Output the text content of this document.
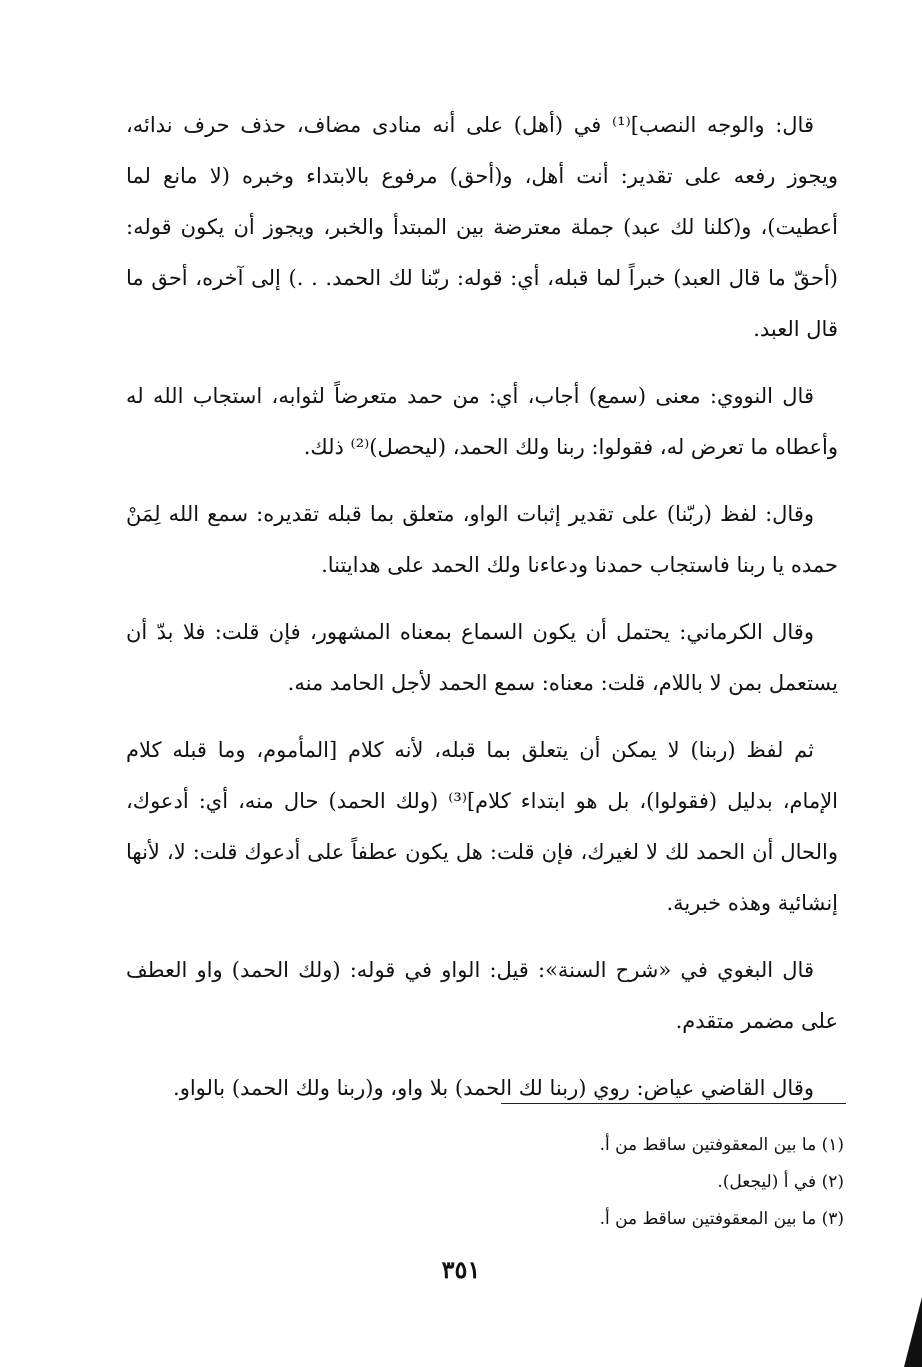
قال: والوجه النصب]⁽¹⁾ في (أهل) على أنه منادى مضاف، حذف حرف ندائه، ويجوز رفعه على تقدير: أنت أهل، و(أحق) مرفوع بالابتداء وخبره (لا مانع لما أعطيت)، و(كلنا لك عبد) جملة معترضة بين المبتدأ والخبر، ويجوز أن يكون قوله: (أحقّ ما قال العبد) خبراً لما قبله، أي: قوله: ربّنا لك الحمد. . .) إلى آخره، أحق ما قال العبد.

قال النووي: معنى (سمع) أجاب، أي: من حمد متعرضاً لثوابه، استجاب الله له وأعطاه ما تعرض له، فقولوا: ربنا ولك الحمد، (ليحصل)⁽²⁾ ذلك.

وقال: لفظ (ربّنا) على تقدير إثبات الواو، متعلق بما قبله تقديره: سمع الله لِمَنْ حمده يا ربنا فاستجاب حمدنا ودعاءنا ولك الحمد على هدايتنا.

وقال الكرماني: يحتمل أن يكون السماع بمعناه المشهور، فإن قلت: فلا بدّ أن يستعمل بمن لا باللام، قلت: معناه: سمع الحمد لأجل الحامد منه.

ثم لفظ (ربنا) لا يمكن أن يتعلق بما قبله، لأنه كلام [المأموم، وما قبله كلام الإمام، بدليل (فقولوا)، بل هو ابتداء كلام]⁽³⁾ (ولك الحمد) حال منه، أي: أدعوك، والحال أن الحمد لك لا لغيرك، فإن قلت: هل يكون عطفاً على أدعوك قلت: لا، لأنها إنشائية وهذه خبرية.

قال البغوي في «شرح السنة»: قيل: الواو في قوله: (ولك الحمد) واو العطف على مضمر متقدم.

وقال القاضي عياض: روي (ربنا لك الحمد) بلا واو، و(ربنا ولك الحمد) بالواو.

(١) ما بين المعقوفتين ساقط من أ.

(٢) في أ (ليجعل).

(٣) ما بين المعقوفتين ساقط من أ.

٣٥١
